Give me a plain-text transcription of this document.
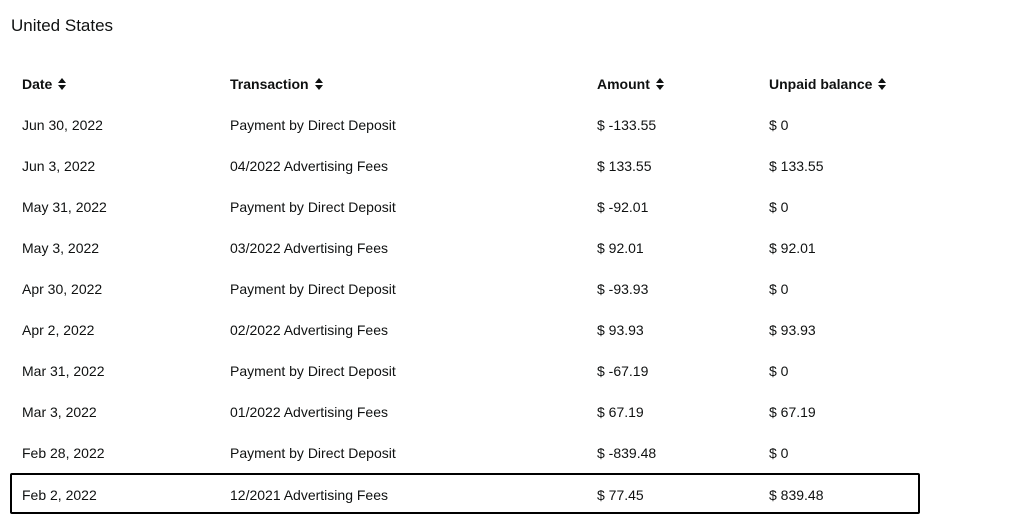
United States
Date	Transaction	Amount	Unpaid balance
Jun 30, 2022	Payment by Direct Deposit	$ -133.55	$ 0
Jun 3, 2022	04/2022 Advertising Fees	$ 133.55	$ 133.55
May 31, 2022	Payment by Direct Deposit	$ -92.01	$ 0
May 3, 2022	03/2022 Advertising Fees	$ 92.01	$ 92.01
Apr 30, 2022	Payment by Direct Deposit	$ -93.93	$ 0
Apr 2, 2022	02/2022 Advertising Fees	$ 93.93	$ 93.93
Mar 31, 2022	Payment by Direct Deposit	$ -67.19	$ 0
Mar 3, 2022	01/2022 Advertising Fees	$ 67.19	$ 67.19
Feb 28, 2022	Payment by Direct Deposit	$ -839.48	$ 0
Feb 2, 2022	12/2021 Advertising Fees	$ 77.45	$ 839.48
